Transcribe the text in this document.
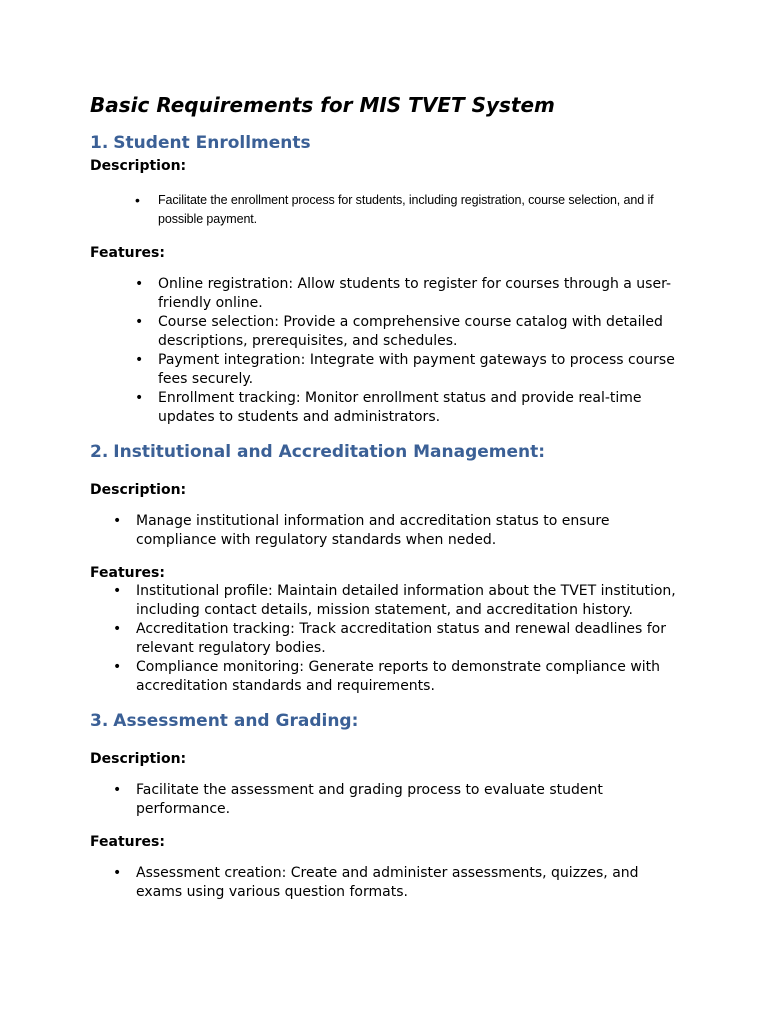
Basic Requirements for MIS TVET System
1. Student Enrollments

Description:

• Facilitate the enrollment process for students, including registration, course selection, and if possible payment.

Features:

• Online registration: Allow students to register for courses through a user-friendly online.
• Course selection: Provide a comprehensive course catalog with detailed descriptions, prerequisites, and schedules.
• Payment integration: Integrate with payment gateways to process course fees securely.
• Enrollment tracking: Monitor enrollment status and provide real-time updates to students and administrators.
2. Institutional and Accreditation Management:

Description:

• Manage institutional information and accreditation status to ensure compliance with regulatory standards when neded.

Features:

• Institutional profile: Maintain detailed information about the TVET institution, including contact details, mission statement, and accreditation history.
• Accreditation tracking: Track accreditation status and renewal deadlines for relevant regulatory bodies.
• Compliance monitoring: Generate reports to demonstrate compliance with accreditation standards and requirements.
3. Assessment and Grading:

Description:

• Facilitate the assessment and grading process to evaluate student performance.

Features:

• Assessment creation: Create and administer assessments, quizzes, and exams using various question formats.
